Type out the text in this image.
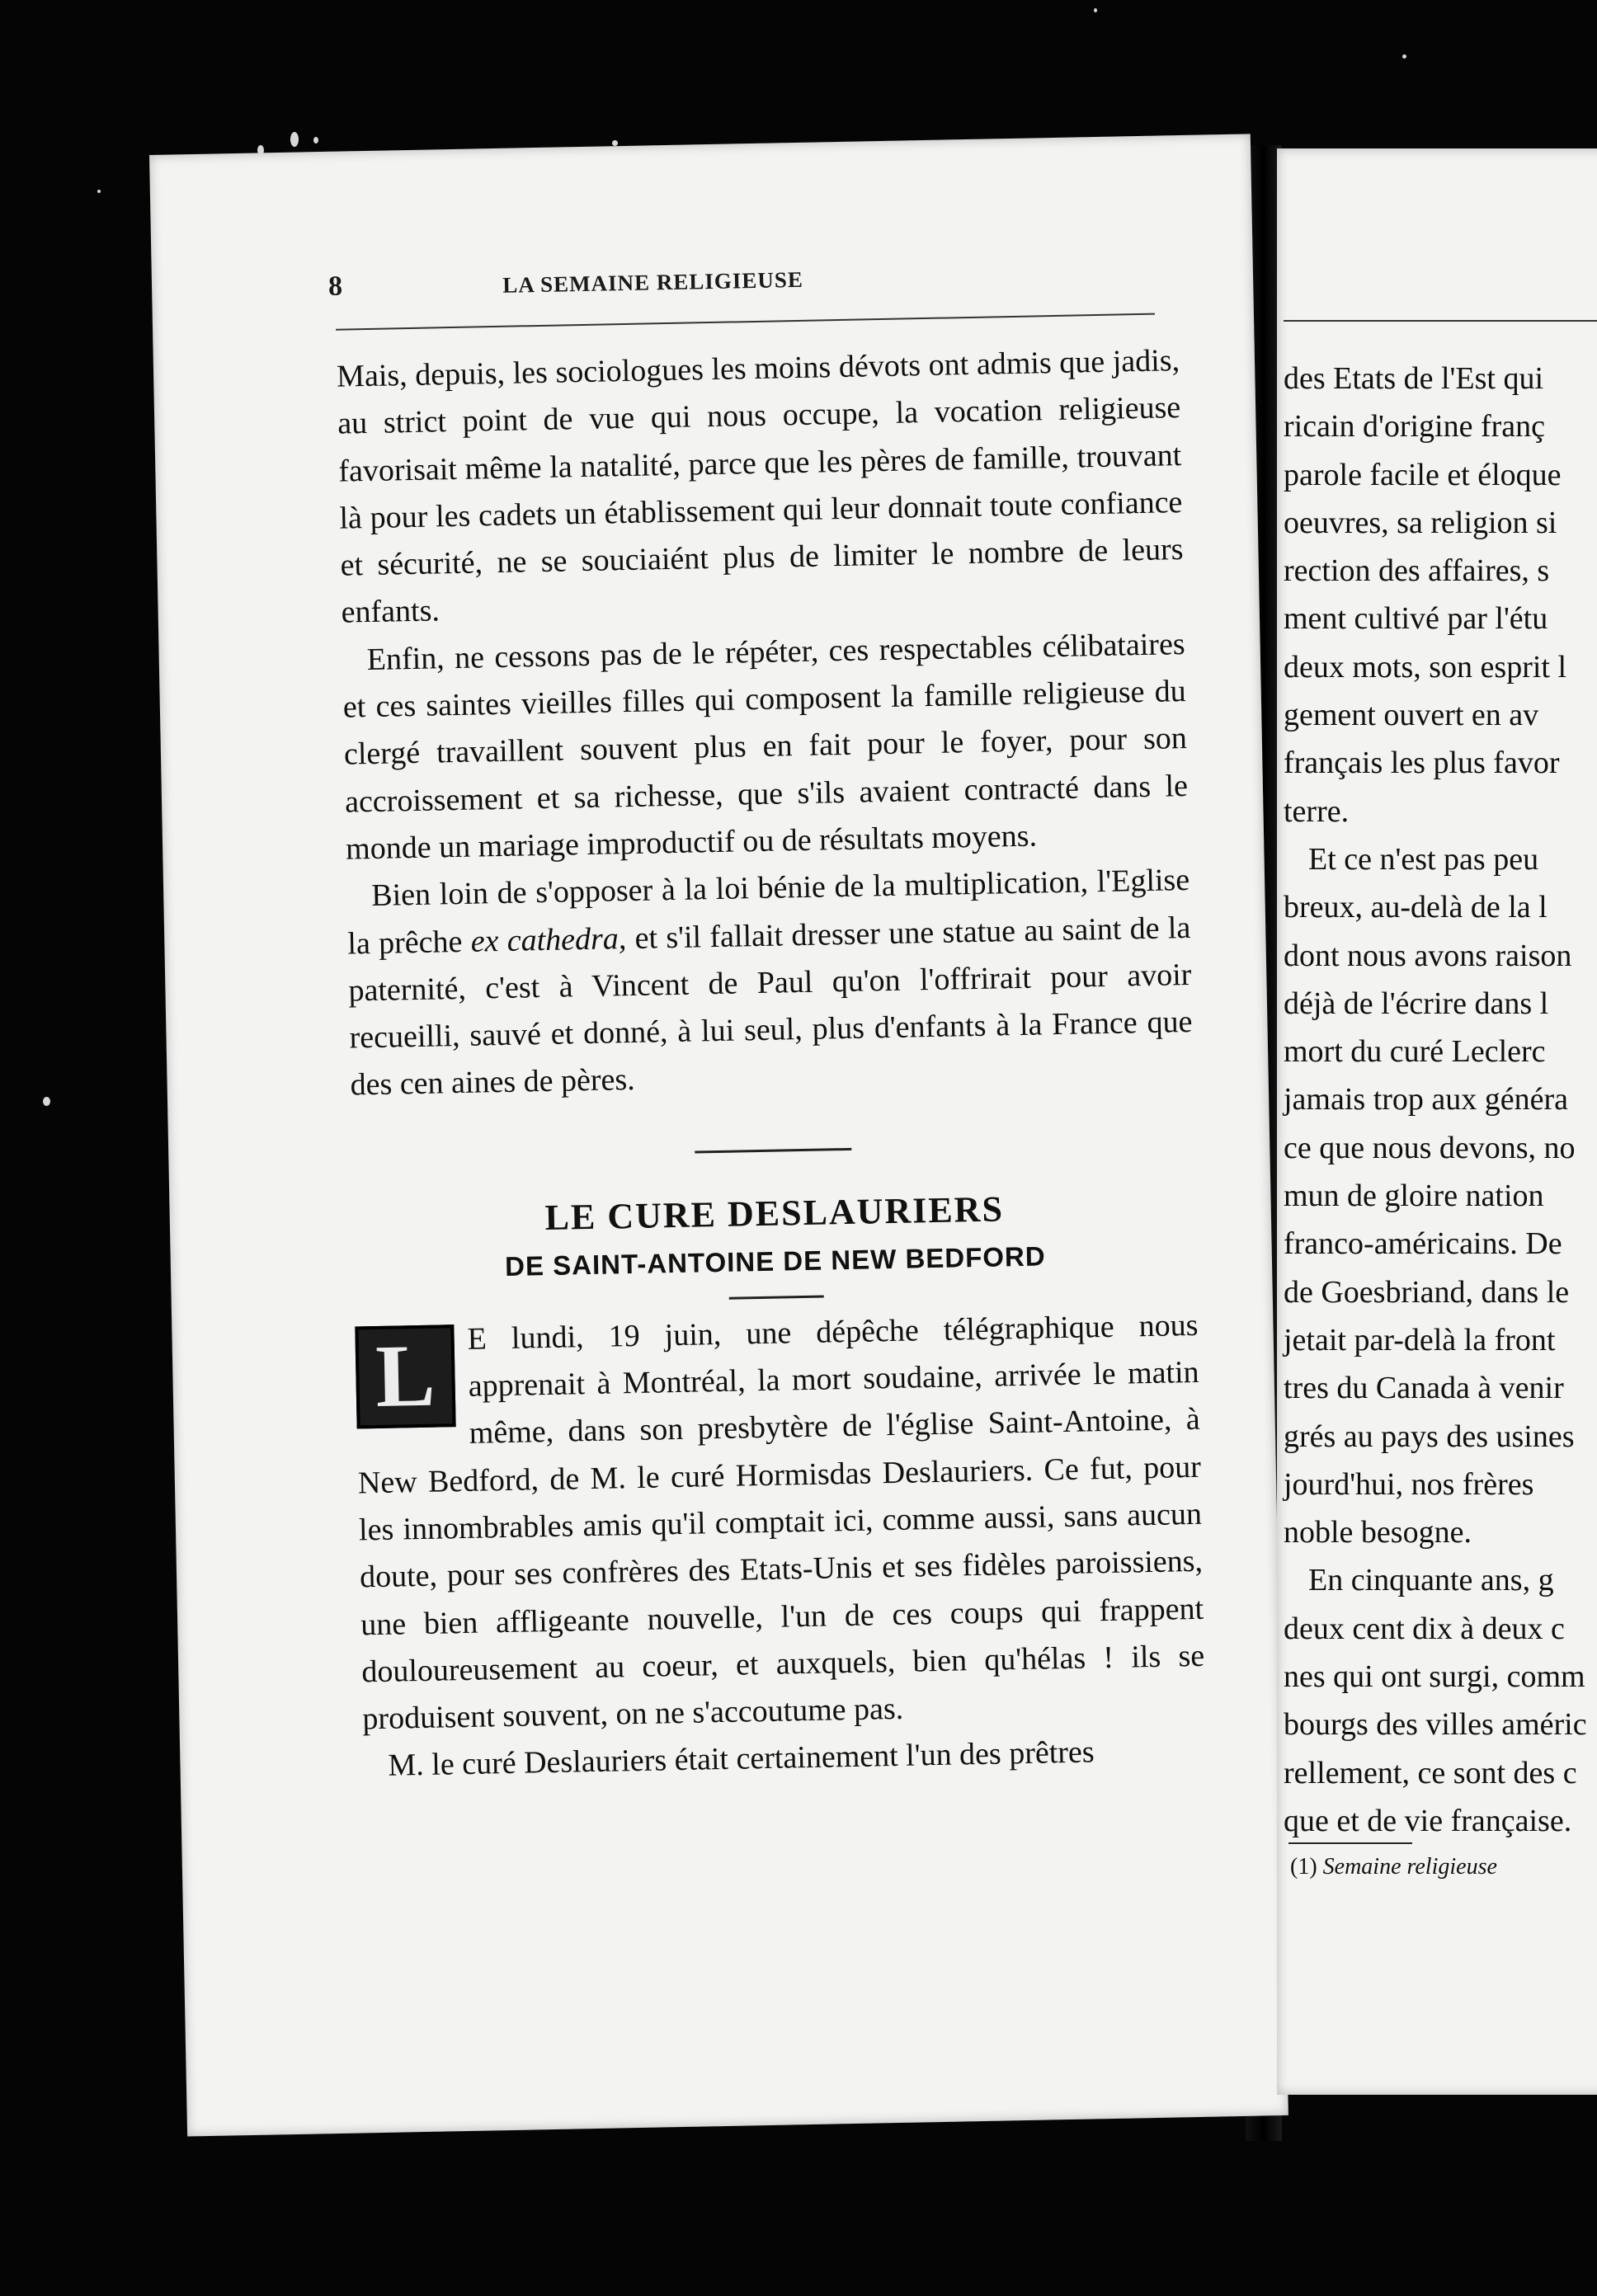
8	LA SEMAINE RELIGIEUSE

Mais, depuis, les sociologues les moins dévots ont admis que jadis, au strict point de vue qui nous occupe, la vocation religieuse favorisait même la natalité, parce que les pères de famille, trouvant là pour les cadets un établissement qui leur donnait toute confiance et sécurité, ne se souciaiént plus de limiter le nombre de leurs enfants.

Enfin, ne cessons pas de le répéter, ces respectables célibataires et ces saintes vieilles filles qui composent la famille religieuse du clergé travaillent souvent plus en fait pour le foyer, pour son accroissement et sa richesse, que s'ils avaient contracté dans le monde un mariage improductif ou de résultats moyens.

Bien loin de s'opposer à la loi bénie de la multiplication, l'Eglise la prêche ex cathedra, et s'il fallait dresser une statue au saint de la paternité, c'est à Vincent de Paul qu'on l'offrirait pour avoir recueilli, sauvé et donné, à lui seul, plus d'enfants à la France que des cen aines de pères.

LE CURE DESLAURIERS

DE SAINT-ANTOINE DE NEW BEDFORD

L E lundi, 19 juin, une dépêche télégraphique nous apprenait à Montréal, la mort soudaine, arrivée le matin même, dans son presbytère de l'église Saint-Antoine, à New Bedford, de M. le curé Hormisdas Deslauriers. Ce fut, pour les innombrables amis qu'il comptait ici, comme aussi, sans aucun doute, pour ses confrères des Etats-Unis et ses fidèles paroissiens, une bien affligeante nouvelle, l'un de ces coups qui frappent douloureusement au coeur, et auxquels, bien qu'hélas ! ils se produisent souvent, on ne s'accoutume pas.

M. le curé Deslauriers était certainement l'un des prêtres

des Etats de l'Est qui
ricain d'origine franç
parole facile et éloque
oeuvres, sa religion si
rection des affaires, s
ment cultivé par l'étu
deux mots, son esprit l
gement ouvert en av
français les plus favor
terre.
Et ce n'est pas peu
breux, au-delà de la l
dont nous avons raison
déjà de l'écrire dans l
mort du curé Leclerc
jamais trop aux généra
ce que nous devons, no
mun de gloire nation
franco-américains. De
de Goesbriand, dans le
jetait par-delà la front
tres du Canada à venir
grés au pays des usines
jourd'hui, nos frères
noble besogne.
En cinquante ans, g
deux cent dix à deux c
nes qui ont surgi, comm
bourgs des villes améric
rellement, ce sont des c
que et de vie française.
(1) Semaine religieuse
